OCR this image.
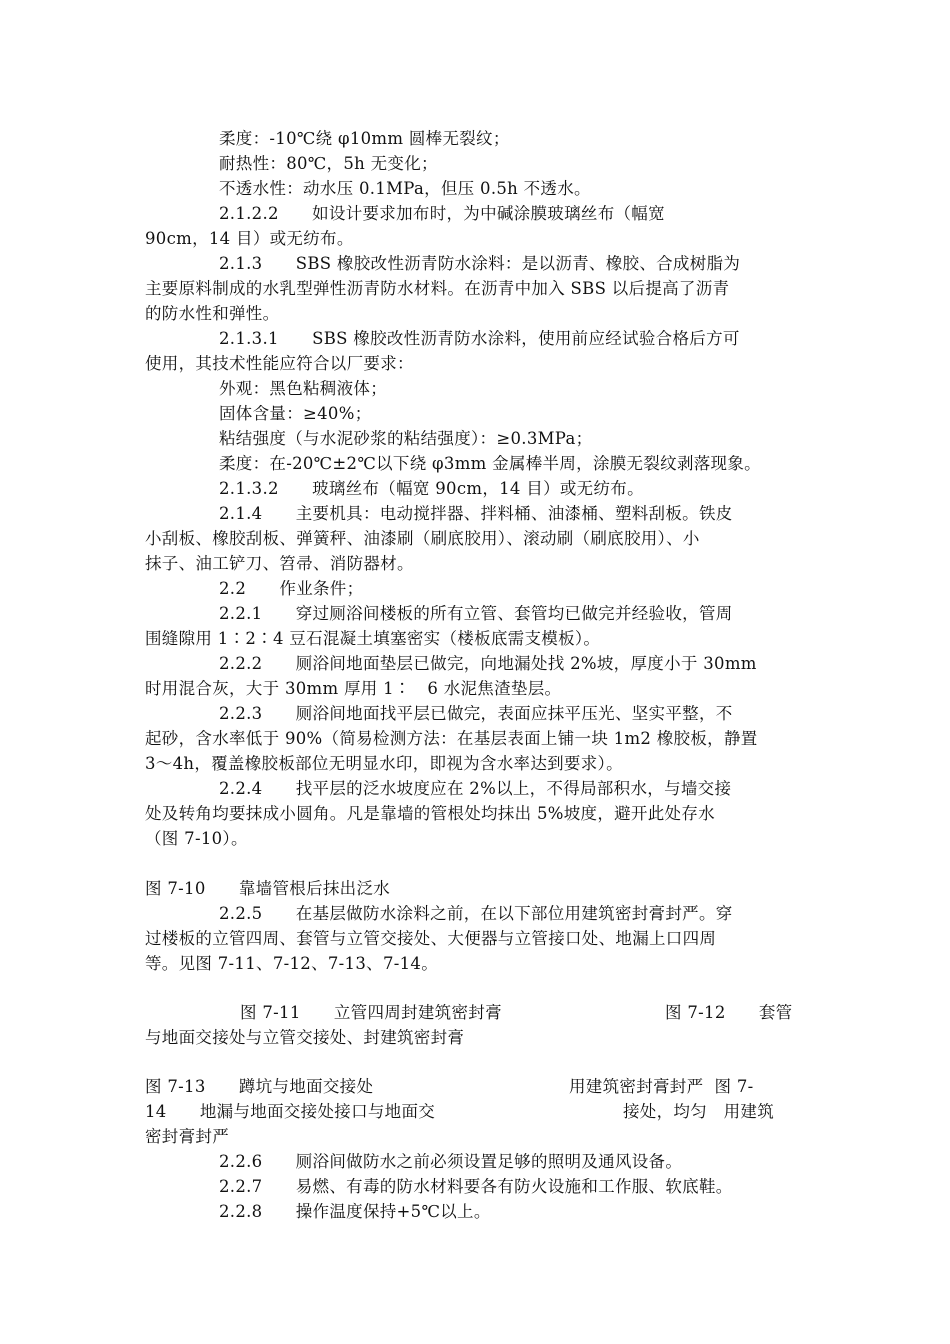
柔度：-10℃绕 φ10mm 圆棒无裂纹；
耐热性：80℃，5h 无变化；
不透水性：动水压 0.1MPa，但压 0.5h 不透水。
2.1.2.2      如设计要求加布时，为中碱涂膜玻璃丝布（幅宽
90cm，14 目）或无纺布。
2.1.3      SBS 橡胶改性沥青防水涂料：是以沥青、橡胶、合成树脂为
主要原料制成的水乳型弹性沥青防水材料。在沥青中加入 SBS 以后提高了沥青
的防水性和弹性。
2.1.3.1      SBS 橡胶改性沥青防水涂料，使用前应经试验合格后方可
使用，其技术性能应符合以厂要求：
外观：黑色粘稠液体；
固体含量：≥40%；
粘结强度（与水泥砂浆的粘结强度）：≥0.3MPa；
柔度：在-20℃±2℃以下绕 φ3mm 金属棒半周，涂膜无裂纹剥落现象。
2.1.3.2      玻璃丝布（幅宽 90cm，14 目）或无纺布。
2.1.4      主要机具：电动搅拌器、拌料桶、油漆桶、塑料刮板。铁皮
小刮板、橡胶刮板、弹簧秤、油漆刷（刷底胶用）、滚动刷（刷底胶用）、小
抹子、油工铲刀、笤帚、消防器材。
2.2      作业条件；
2.2.1      穿过厕浴间楼板的所有立管、套管均已做完并经验收，管周
围缝隙用 1∶2∶4 豆石混凝土填塞密实（楼板底需支模板）。
2.2.2      厕浴间地面垫层已做完，向地漏处找 2%坡，厚度小于 30mm
时用混合灰，大于 30mm 厚用 1∶   6 水泥焦渣垫层。
2.2.3      厕浴间地面找平层已做完，表面应抹平压光、坚实平整，不
起砂，含水率低于 90%（简易检测方法：在基层表面上铺一块 1m2 橡胶板，静置
3～4h，覆盖橡胶板部位无明显水印，即视为含水率达到要求）。
2.2.4      找平层的泛水坡度应在 2%以上，不得局部积水，与墙交接
处及转角均要抹成小圆角。凡是靠墙的管根处均抹出 5%坡度，避开此处存水
（图 7-10）。
图 7-10      靠墙管根后抹出泛水
2.2.5      在基层做防水涂料之前，在以下部位用建筑密封膏封严。穿
过楼板的立管四周、套管与立管交接处、大便器与立管接口处、地漏上口四周
等。见图 7-11、7-12、7-13、7-14。
图 7-11      立管四周封建筑密封膏	图 7-12      套管
与地面交接处与立管交接处、封建筑密封膏
图 7-13      蹲坑与地面交接处	用建筑密封膏封严  图 7-
14      地漏与地面交接处接口与地面交	接处，均匀   用建筑
密封膏封严
2.2.6      厕浴间做防水之前必须设置足够的照明及通风设备。
2.2.7      易燃、有毒的防水材料要各有防火设施和工作服、软底鞋。
2.2.8      操作温度保持+5℃以上。
